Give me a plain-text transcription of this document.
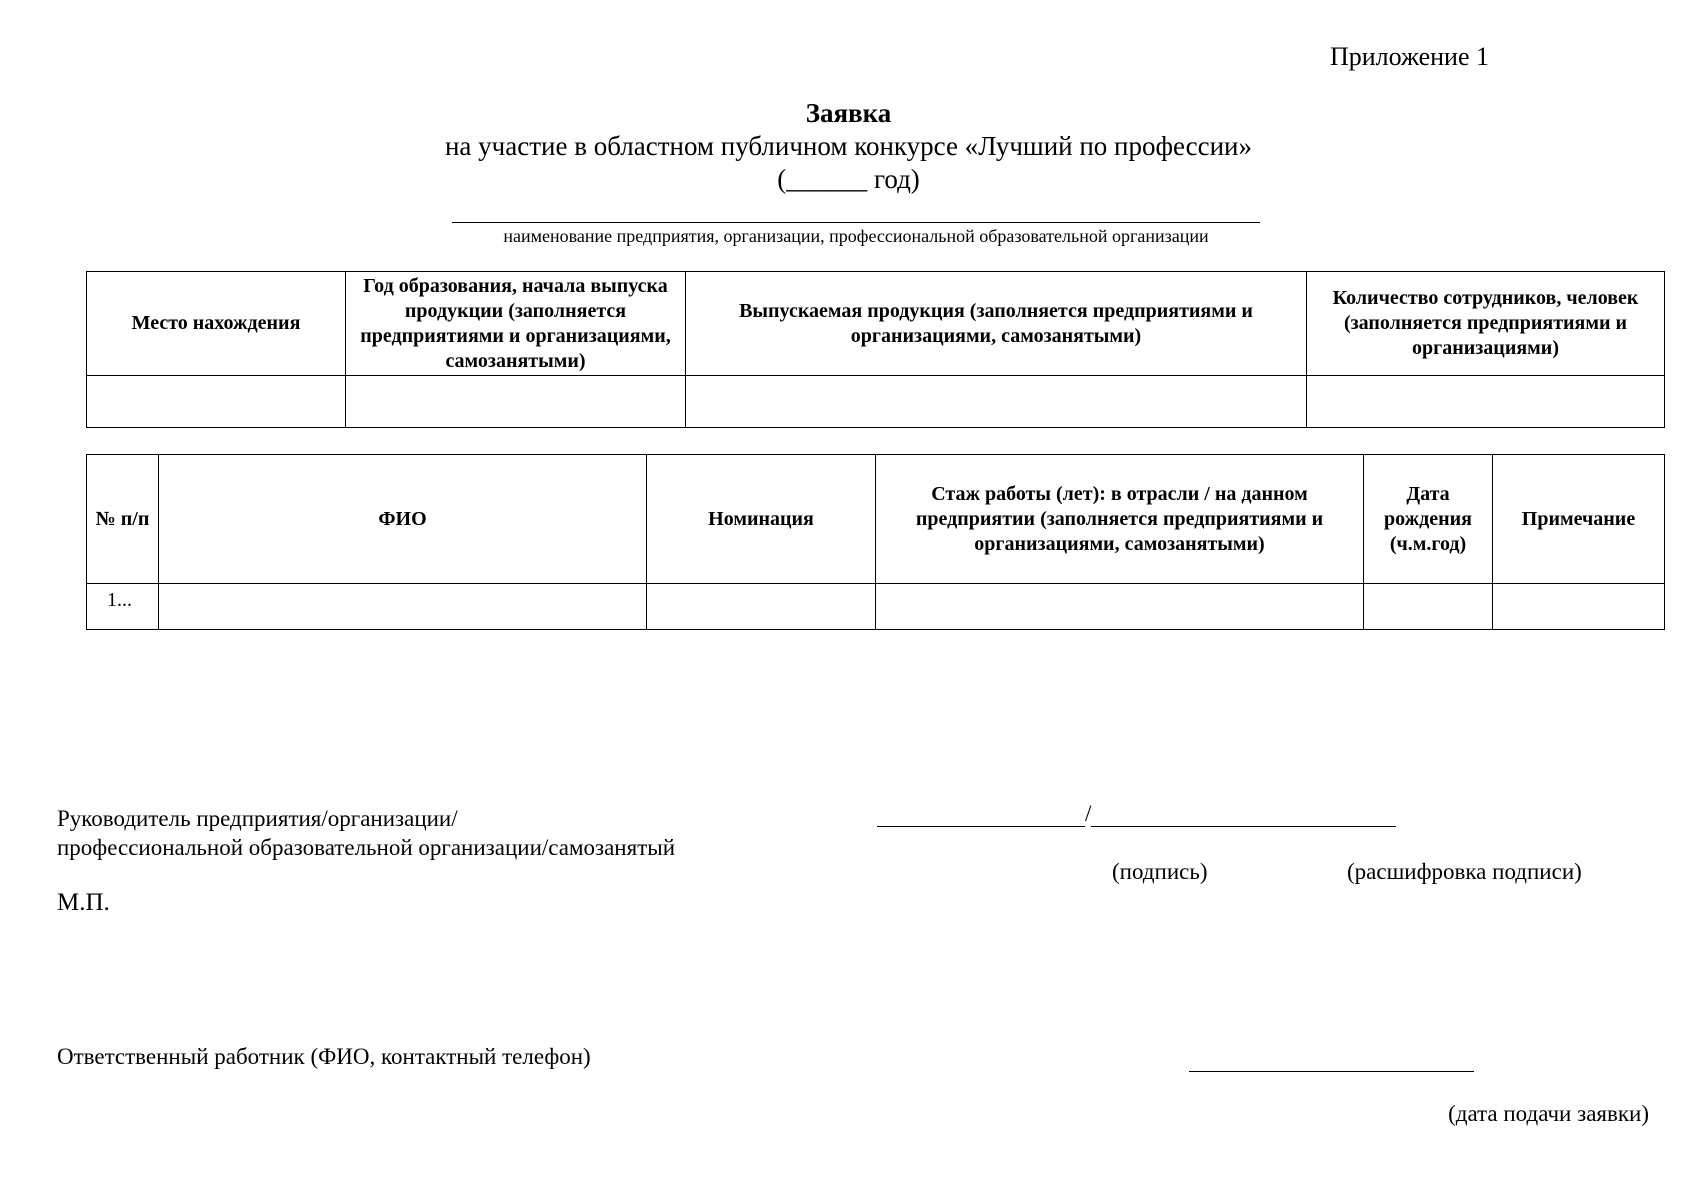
Приложение 1
Заявка
на участие в областном публичном конкурсе «Лучший по профессии»
(______ год)
наименование предприятия, организации, профессиональной образовательной организации
Место нахождения	Год образования, начала выпуска продукции (заполняется предприятиями и организациями, самозанятыми)	Выпускаемая продукция (заполняется предприятиями и организациями, самозанятыми)	Количество сотрудников, человек (заполняется предприятиями и организациями)

№ п/п	ФИО	Номинация	Стаж работы (лет): в отрасли / на данном предприятии (заполняется предприятиями и организациями, самозанятыми)	Дата рождения (ч.м.год)	Примечание
1...					
Руководитель предприятия/организации/
профессиональной образовательной организации/самозанятый
/
(подпись)	(расшифровка подписи)
М.П.
Ответственный работник (ФИО, контактный телефон)
(дата подачи заявки)
